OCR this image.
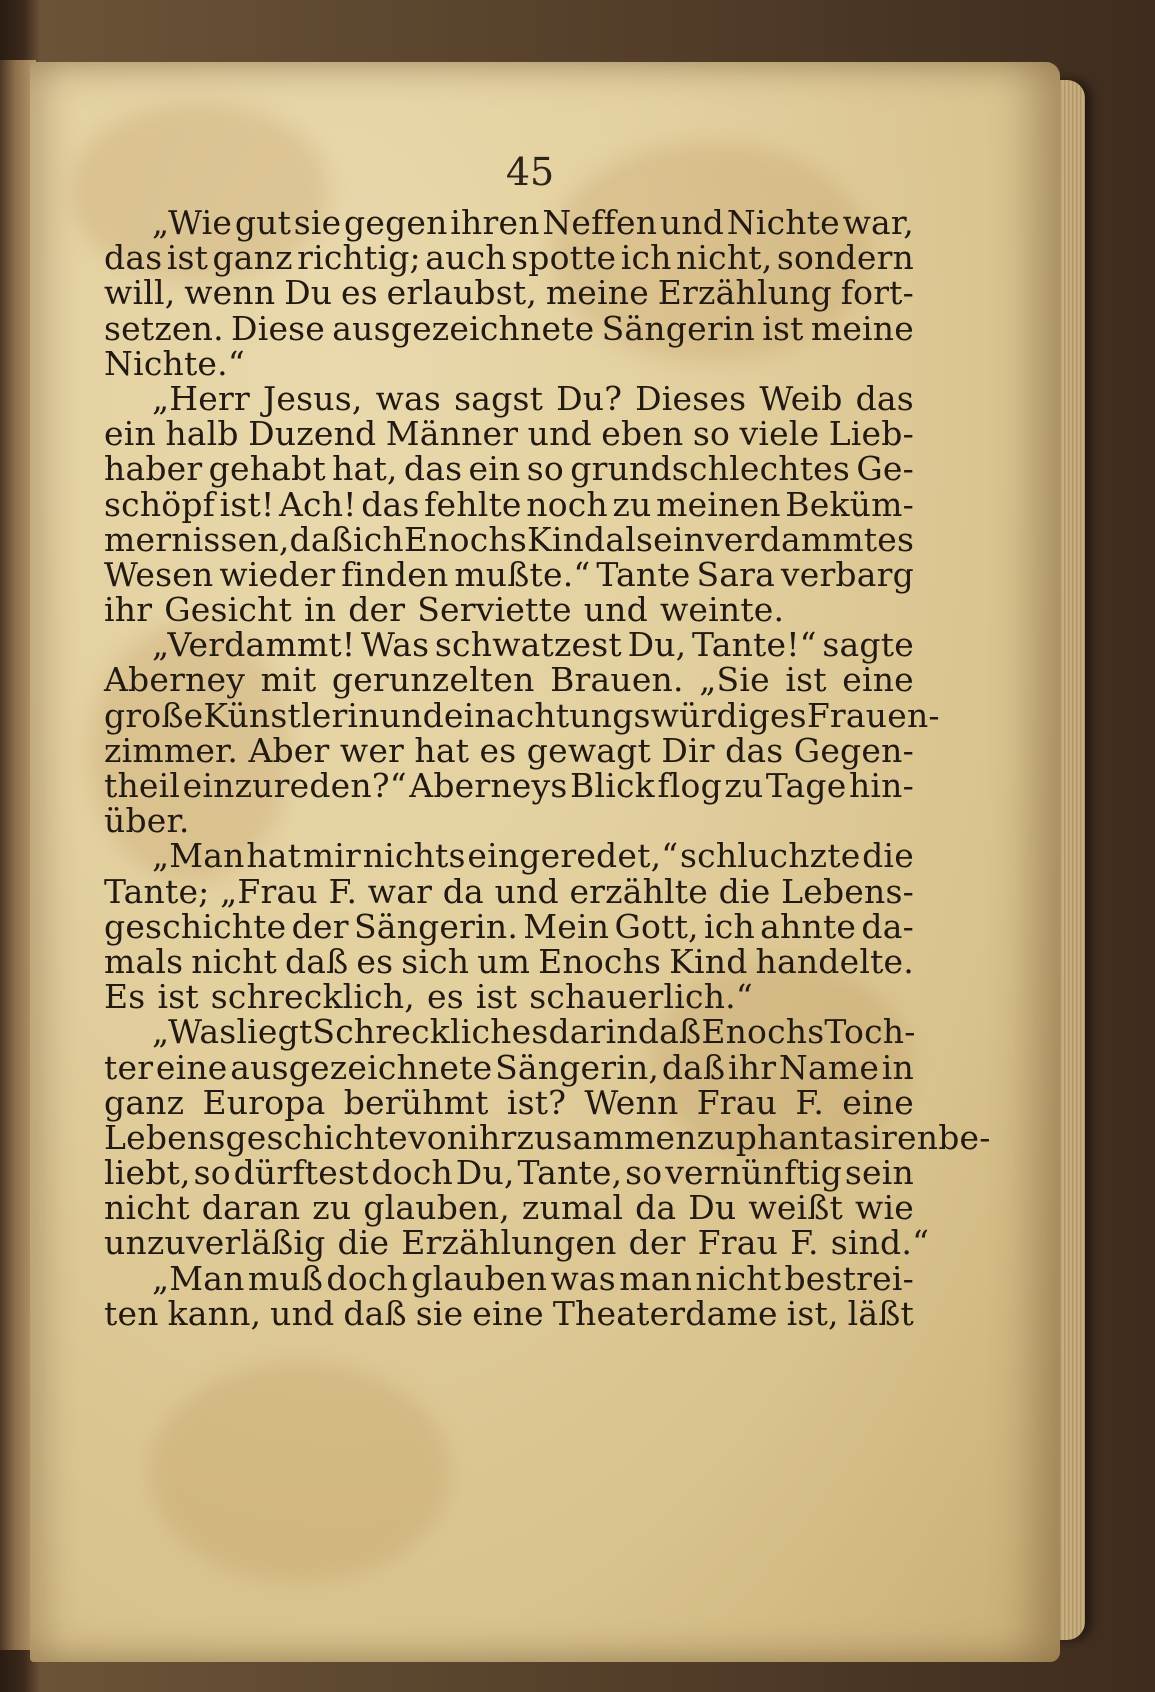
45
„Wie gut sie gegen ihren Neffen und Nichte war,
das ist ganz richtig; auch spotte ich nicht, sondern
will, wenn Du es erlaubst, meine Erzählung fort-
setzen. Diese ausgezeichnete Sängerin ist meine
Nichte.“
„Herr Jesus, was sagst Du? Dieses Weib das
ein halb Duzend Männer und eben so viele Lieb-
haber gehabt hat, das ein so grundschlechtes Ge-
schöpf ist! Ach! das fehlte noch zu meinen Beküm-
mernissen, daß ich Enochs Kind als ein verdammtes
Wesen wieder finden mußte.“ Tante Sara verbarg
ihr Gesicht in der Serviette und weinte.
„Verdammt! Was schwatzest Du, Tante!“ sagte
Aberney mit gerunzelten Brauen. „Sie ist eine
große Künstlerin und ein achtungswürdiges Frauen-
zimmer. Aber wer hat es gewagt Dir das Gegen-
theil einzureden?“ Aberneys Blick flog zu Tage hin-
über.
„Man hat mir nichts eingeredet,“ schluchzte die
Tante; „Frau F. war da und erzählte die Lebens-
geschichte der Sängerin. Mein Gott, ich ahnte da-
mals nicht daß es sich um Enochs Kind handelte.
Es ist schrecklich, es ist schauerlich.“
„Was liegt Schreckliches darin daß Enochs Toch-
ter eine ausgezeichnete Sängerin, daß ihr Name in
ganz Europa berühmt ist? Wenn Frau F. eine
Lebensgeschichte von ihr zusammenzuphantasiren be-
liebt, so dürftest doch Du, Tante, so vernünftig sein
nicht daran zu glauben, zumal da Du weißt wie
unzuverläßig die Erzählungen der Frau F. sind.“
„Man muß doch glauben was man nicht bestrei-
ten kann, und daß sie eine Theaterdame ist, läßt
